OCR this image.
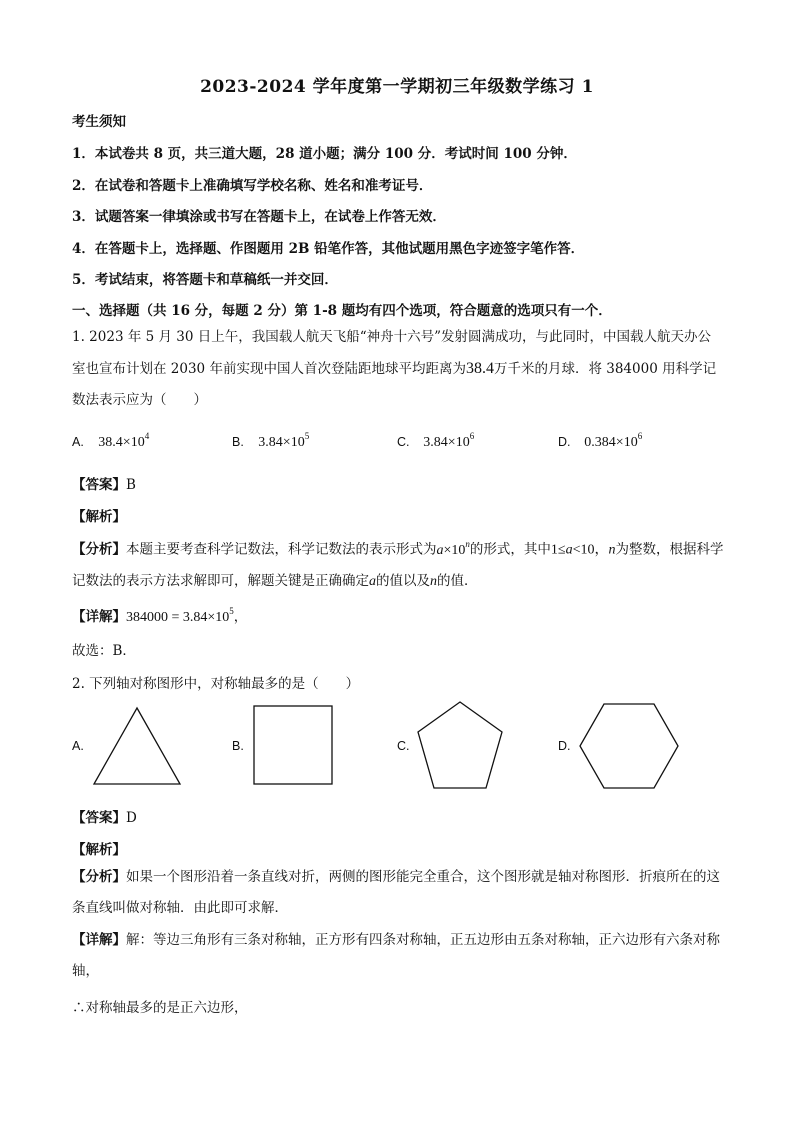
2023-2024 学年度第一学期初三年级数学练习 1
考生须知
1．本试卷共 8 页，共三道大题，28 道小题；满分 100 分．考试时间 100 分钟．
2．在试卷和答题卡上准确填写学校名称、姓名和准考证号．
3．试题答案一律填涂或书写在答题卡上，在试卷上作答无效．
4．在答题卡上，选择题、作图题用 2B 铅笔作答，其他试题用黑色字迹签字笔作答．
5．考试结束，将答题卡和草稿纸一并交回．
一、选择题（共 16 分，每题 2 分）第 1-8 题均有四个选项，符合题意的选项只有一个．
1. 2023 年 5 月 30 日上午，我国载人航天飞船“神舟十六号”发射圆满成功，与此同时，中国载人航天办公室也宣布计划在 2030 年前实现中国人首次登陆距地球平均距离为38.4万千米的月球．将 384000 用科学记数法表示应为（　　）
A. $38.4\times 10^4$	B. $3.84\times 10^5$	C. $3.84\times 10^6$	D. $0.384\times 10^6$
【答案】B
【解析】
【分析】本题主要考查科学记数法，科学记数法的表示形式为$a\times 10^n$的形式，其中1≤a<10，n为整数，根据科学记数法的表示方法求解即可，解题关键是正确确定a的值以及n的值．
【详解】$384000 = 3.84\times 10^5$，
故选：B．
2. 下列轴对称图形中，对称轴最多的是（　　）
A.	B.	C.	D.
【答案】D
【解析】
【分析】如果一个图形沿着一条直线对折，两侧的图形能完全重合，这个图形就是轴对称图形．折痕所在的这条直线叫做对称轴．由此即可求解．
【详解】解：等边三角形有三条对称轴，正方形有四条对称轴，正五边形由五条对称轴，正六边形有六条对称轴，
∴对称轴最多的是正六边形，
